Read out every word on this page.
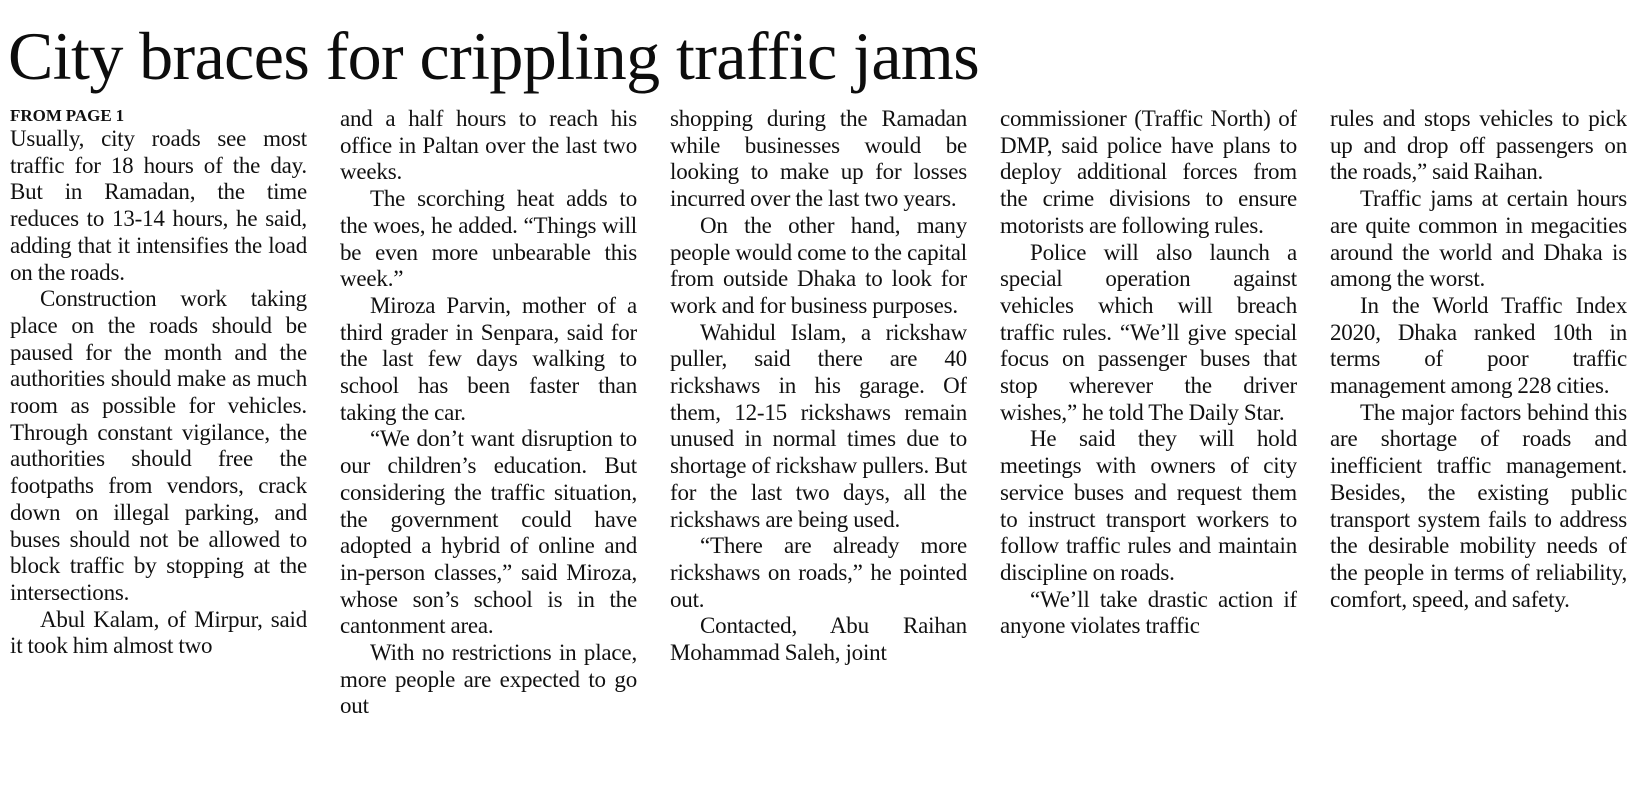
City braces for crippling traffic jams
FROM PAGE 1

Usually, city roads see most traffic for 18 hours of the day. But in Ramadan, the time reduces to 13-14 hours, he said, adding that it intensifies the load on the roads.

Construction work taking place on the roads should be paused for the month and the authorities should make as much room as possible for vehicles. Through constant vigilance, the authorities should free the footpaths from vendors, crack down on illegal parking, and buses should not be allowed to block traffic by stopping at the intersections.

Abul Kalam, of Mirpur, said it took him almost two

and a half hours to reach his office in Paltan over the last two weeks.

The scorching heat adds to the woes, he added. “Things will be even more unbearable this week.”

Miroza Parvin, mother of a third grader in Senpara, said for the last few days walking to school has been faster than taking the car.

“We don’t want disruption to our children’s education. But considering the traffic situation, the government could have adopted a hybrid of online and in-person classes,” said Miroza, whose son’s school is in the cantonment area.

With no restrictions in place, more people are expected to go out

shopping during the Ramadan while businesses would be looking to make up for losses incurred over the last two years.

On the other hand, many people would come to the capital from outside Dhaka to look for work and for business purposes.

Wahidul Islam, a rickshaw puller, said there are 40 rickshaws in his garage. Of them, 12-15 rickshaws remain unused in normal times due to shortage of rickshaw pullers. But for the last two days, all the rickshaws are being used.

“There are already more rickshaws on roads,” he pointed out.

Contacted, Abu Raihan Mohammad Saleh, joint

commissioner (Traffic North) of DMP, said police have plans to deploy additional forces from the crime divisions to ensure motorists are following rules.

Police will also launch a special operation against vehicles which will breach traffic rules. “We’ll give special focus on passenger buses that stop wherever the driver wishes,” he told The Daily Star.

He said they will hold meetings with owners of city service buses and request them to instruct transport workers to follow traffic rules and maintain discipline on roads.

“We’ll take drastic action if anyone violates traffic

rules and stops vehicles to pick up and drop off passengers on the roads,” said Raihan.

Traffic jams at certain hours are quite common in megacities around the world and Dhaka is among the worst.

In the World Traffic Index 2020, Dhaka ranked 10th in terms of poor traffic management among 228 cities.

The major factors behind this are shortage of roads and inefficient traffic management. Besides, the existing public transport system fails to address the desirable mobility needs of the people in terms of reliability, comfort, speed, and safety.
